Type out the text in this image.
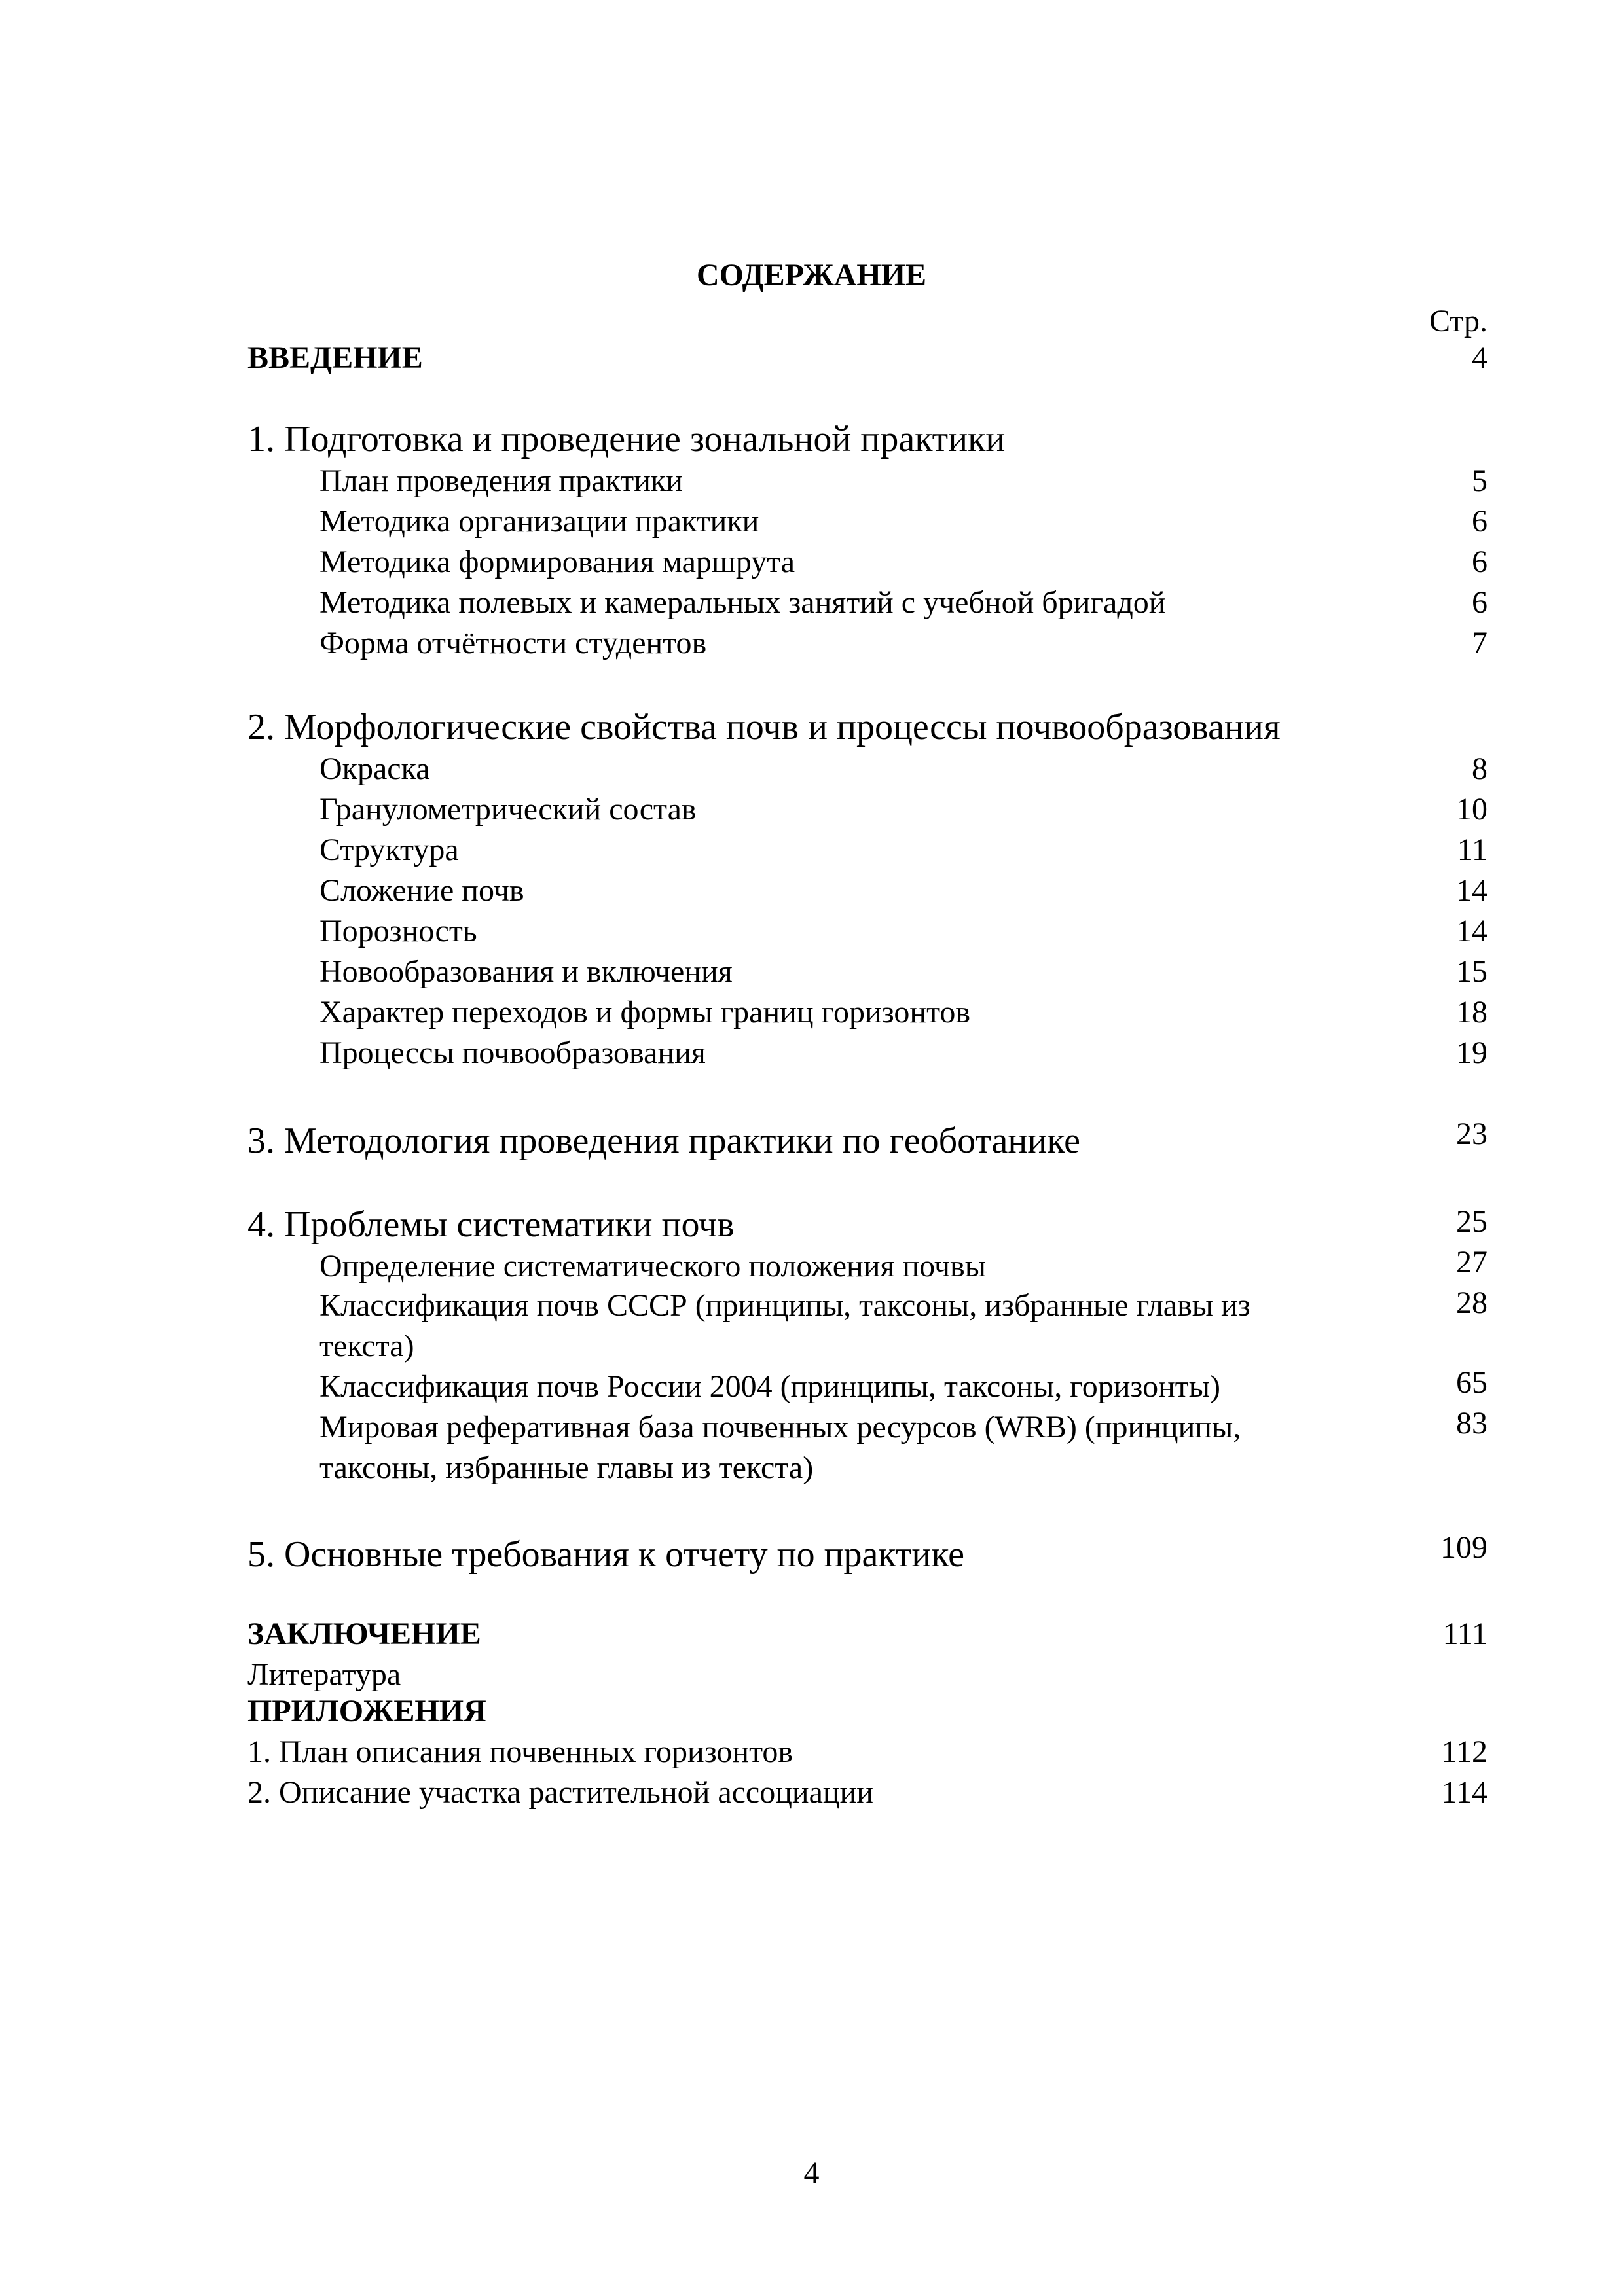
СОДЕРЖАНИЕ
Стр.
ВВЕДЕНИЕ	4
1. Подготовка и проведение зональной практики
План проведения практики	5
Методика организации практики	6
Методика формирования маршрута	6
Методика полевых и камеральных занятий с учебной бригадой	6
Форма отчётности студентов	7
2. Морфологические свойства почв и процессы почвообразования
Окраска	8
Гранулометрический состав	10
Структура	11
Сложение почв	14
Порозность	14
Новообразования и включения	15
Характер переходов и формы границ горизонтов	18
Процессы почвообразования	19
3. Методология проведения практики по геоботанике	23
4. Проблемы систематики почв	25
Определение систематического положения почвы	27
Классификация почв СССР (принципы, таксоны, избранные главы из
текста)
28
Классификация почв России 2004 (принципы, таксоны, горизонты)	65
Мировая реферативная база почвенных ресурсов (WRB) (принципы,
таксоны, избранные главы из текста)
83
5. Основные требования к отчету по практике	109
ЗАКЛЮЧЕНИЕ	111
Литература
ПРИЛОЖЕНИЯ
1. План описания почвенных горизонтов	112
2. Описание участка растительной ассоциации	114
4
